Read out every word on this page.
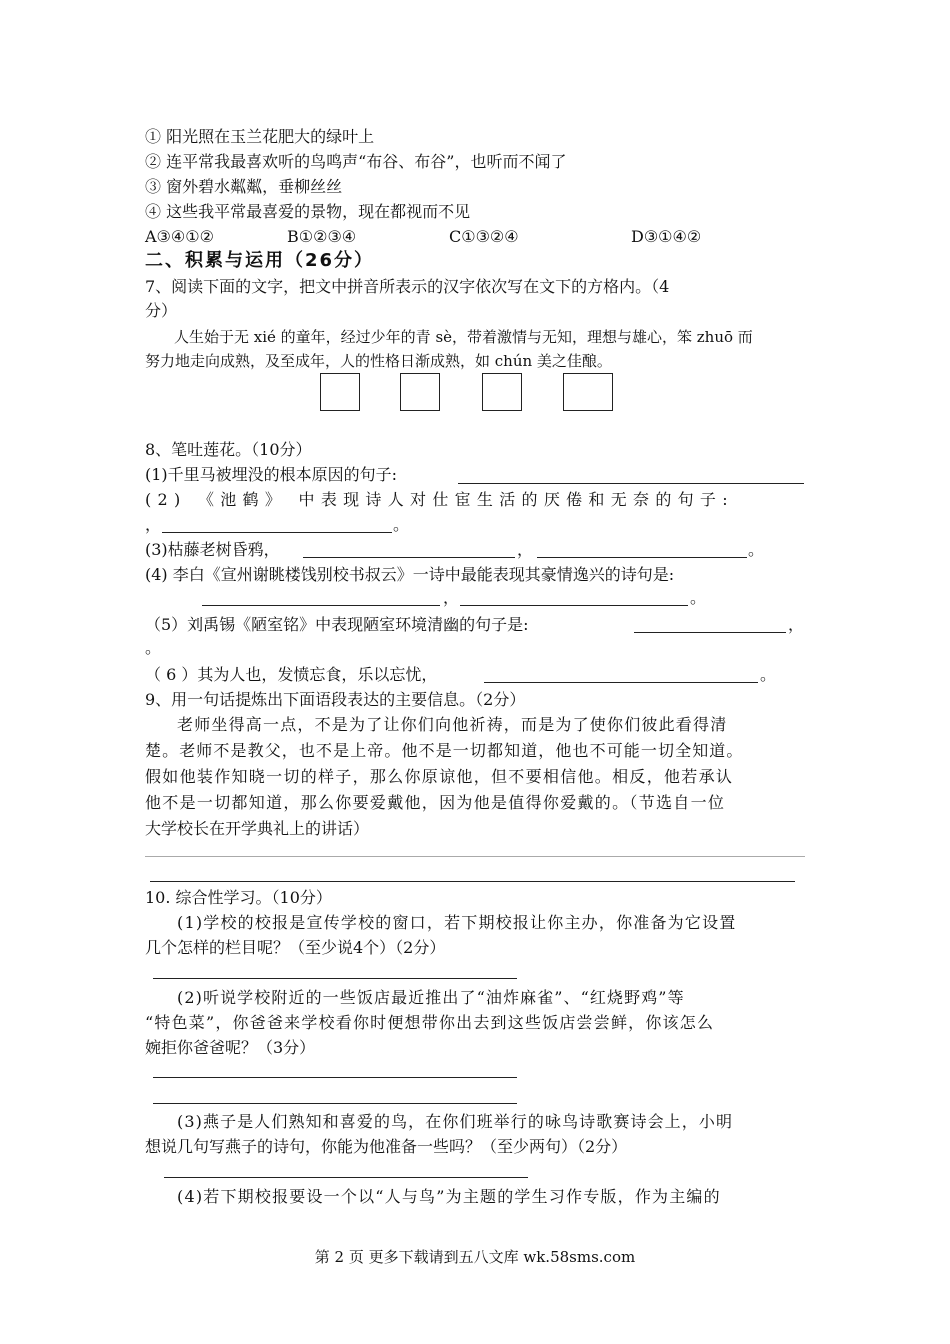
① 阳光照在玉兰花肥大的绿叶上
② 连平常我最喜欢听的鸟鸣声“布谷、布谷”，也听而不闻了
③ 窗外碧水粼粼，垂柳丝丝
④ 这些我平常最喜爱的景物，现在都视而不见
A③④①②	B①②③④	C①③②④	D③①④②
二、积累与运用（26分）
7、阅读下面的文字，把文中拼音所表示的汉字依次写在文下的方格内。（4
分）
人生始于无 xié 的童年，经过少年的青 sè，带着激情与无知，理想与雄心，笨 zhuō 而
努力地走向成熟，及至成年，人的性格日渐成熟，如 chún 美之佳酿。
8、笔吐莲花。（10分）
(1)千里马被埋没的根本原因的句子:
(2) 《池鹤》 中表现诗人对仕宦生活的厌倦和无奈的句子:
，	。
(3)枯藤老树昏鸦，	，	。
(4) 李白《宣州谢眺楼饯别校书叔云》一诗中最能表现其豪情逸兴的诗句是:
，	。
（5）刘禹锡《陋室铭》中表现陋室环境清幽的句子是:	，
。
（ 6 ）其为人也，发愤忘食，乐以忘忧，	。
9、用一句话提炼出下面语段表达的主要信息。（2分）
老师坐得高一点，不是为了让你们向他祈祷，而是为了使你们彼此看得清
楚。老师不是教父，也不是上帝。他不是一切都知道，他也不可能一切全知道。
假如他装作知晓一切的样子，那么你原谅他，但不要相信他。相反，他若承认
他不是一切都知道，那么你要爱戴他，因为他是值得你爱戴的。（节选自一位
大学校长在开学典礼上的讲话）
10. 综合性学习。（10分）
(1)学校的校报是宣传学校的窗口，若下期校报让你主办，你准备为它设置
几个怎样的栏目呢？（至少说4个）（2分）
(2)听说学校附近的一些饭店最近推出了“油炸麻雀”、“红烧野鸡”等
“特色菜”，你爸爸来学校看你时便想带你出去到这些饭店尝尝鲜，你该怎么
婉拒你爸爸呢？（3分）
(3)燕子是人们熟知和喜爱的鸟，在你们班举行的咏鸟诗歌赛诗会上，小明
想说几句写燕子的诗句，你能为他准备一些吗？（至少两句）（2分）
(4)若下期校报要设一个以“人与鸟”为主题的学生习作专版，作为主编的
第 2 页 更多下载请到五八文库 wk.58sms.com
